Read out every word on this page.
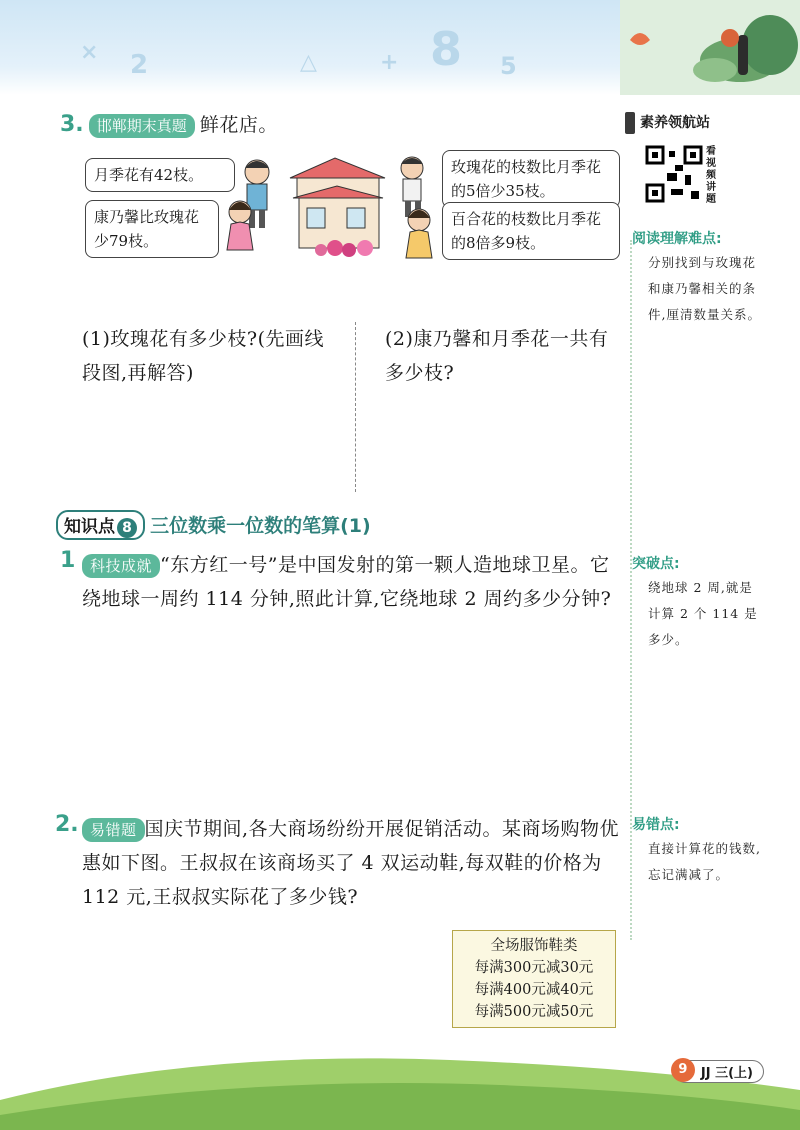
× 2	8
+
△	5
素养领航站
看视频讲题
阅读理解难点:
分别找到与玫瑰花和康乃馨相关的条件,厘清数量关系。
突破点:
绕地球 2 周,就是计算 2 个 114 是多少。
易错点:
直接计算花的钱数,忘记满减了。
3. 邯郸期末真题 鲜花店。
月季花有42枝。
康乃馨比玫瑰花少79枝。
玫瑰花的枝数比月季花的5倍少35枝。
百合花的枝数比月季花的8倍多9枝。
(1)玫瑰花有多少枝?(先画线段图,再解答)
(2)康乃馨和月季花一共有多少枝?
知识点 8 三位数乘一位数的笔算(1)
1 科技成就 “东方红一号”是中国发射的第一颗人造地球卫星。它绕地球一周约 114 分钟,照此计算,它绕地球 2 周约多少分钟?
2. 易错题 国庆节期间,各大商场纷纷开展促销活动。某商场购物优惠如下图。王叔叔在该商场买了 4 双运动鞋,每双鞋的价格为 112 元,王叔叔实际花了多少钱?
全场服饰鞋类
每满300元减30元
每满400元减40元
每满500元减50元
9	JJ 三(上)
